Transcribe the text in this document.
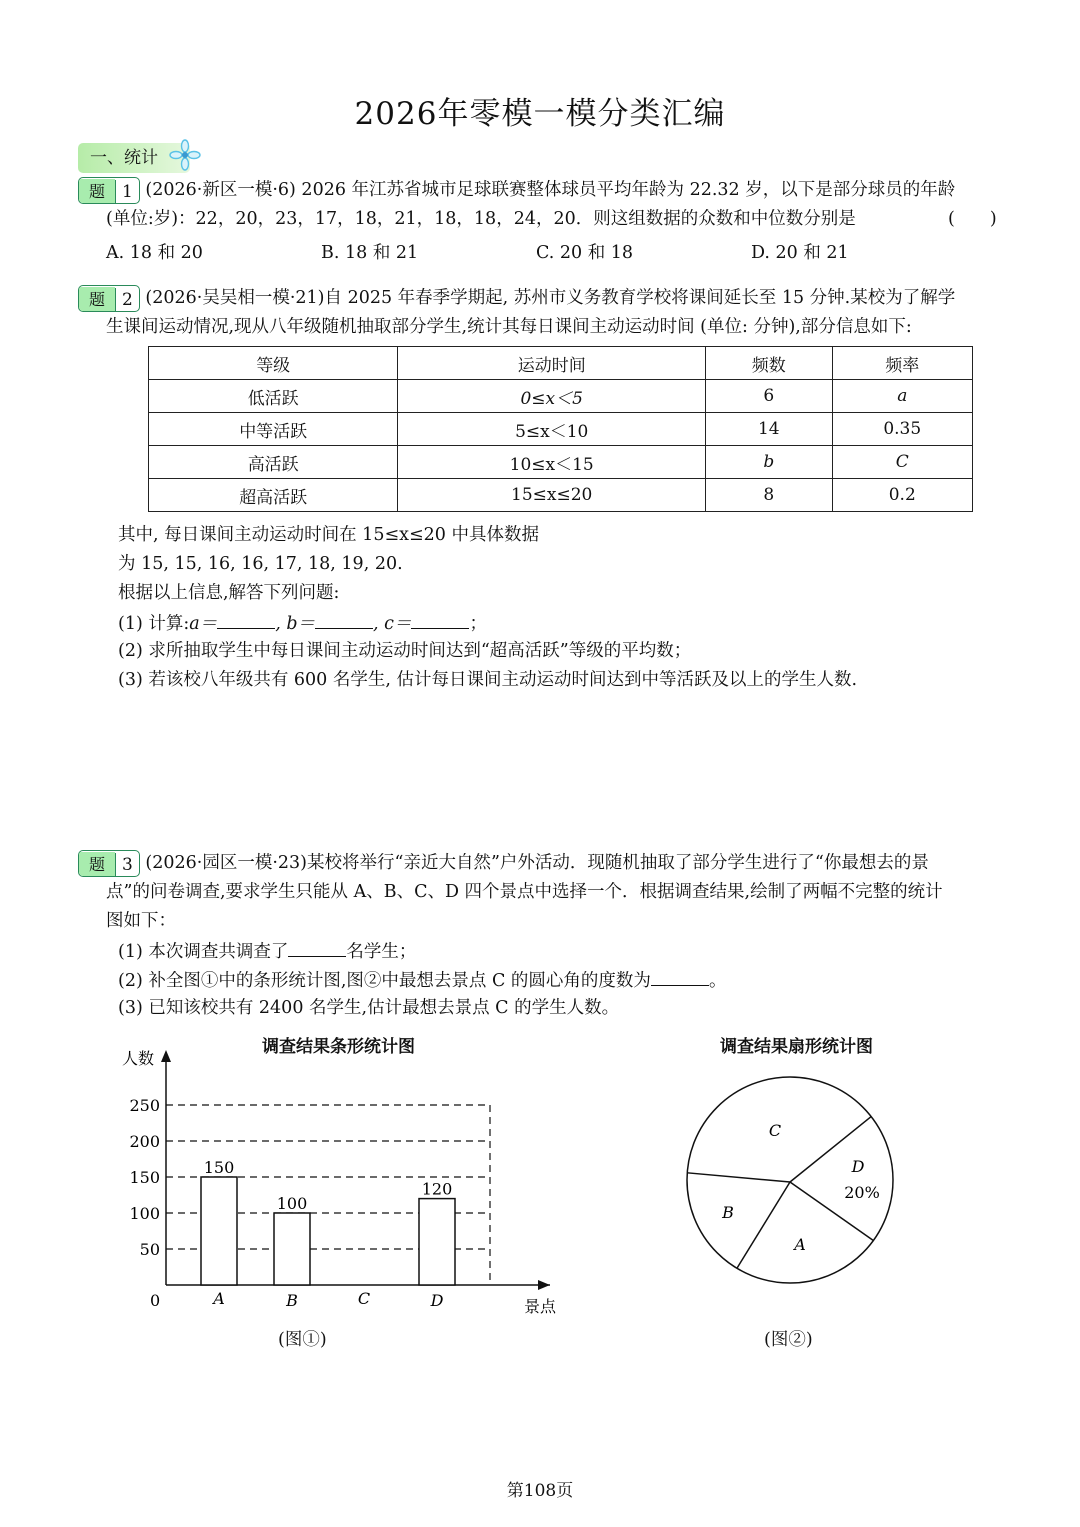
2026年零模一模分类汇编
一、统计
题 1 (2026·新区一模·6) 2026 年江苏省城市足球联赛整体球员平均年龄为 22.32 岁，以下是部分球员的年龄
(单位:岁)：22，20，23，17，18，21，18，18，24，20．则这组数据的众数和中位数分别是	(　　)
A. 18 和 20	B. 18 和 21	C. 20 和 18	D. 20 和 21
题 2 (2026·吴吴相一模·21)自 2025 年春季学期起, 苏州市义务教育学校将课间延长至 15 分钟.某校为了解学
生课间运动情况,现从八年级随机抽取部分学生,统计其每日课间主动运动时间 (单位: 分钟),部分信息如下:
等级	运动时间	频数	频率
低活跃	0≤x＜5	6	a
中等活跃	5≤x＜10	14	0.35
高活跃	10≤x＜15	b	C
超高活跃	15≤x≤20	8	0.2
其中, 每日课间主动运动时间在 15≤x≤20 中具体数据
为 15, 15, 16, 16, 17, 18, 19, 20.
根据以上信息,解答下列问题:
(1) 计算:a＝	, b＝	, c＝	；
(2) 求所抽取学生中每日课间主动运动时间达到“超高活跃”等级的平均数；
(3) 若该校八年级共有 600 名学生, 估计每日课间主动运动时间达到中等活跃及以上的学生人数.
题 3 (2026·园区一模·23)某校将举行“亲近大自然”户外活动．现随机抽取了部分学生进行了“你最想去的景
点”的问卷调查,要求学生只能从 A、B、C、D 四个景点中选择一个．根据调查结果,绘制了两幅不完整的统计
图如下：
(1) 本次调查共调查了	名学生；
(2) 补全图①中的条形统计图,图②中最想去景点 C 的圆心角的度数为	。
(3) 已知该校共有 2400 名学生,估计最想去景点 C 的学生人数。
调查结果条形统计图
人数
景点
0
50
100
150
200
250
150
A
100
B	C
120
D
(图①)
调查结果扇形统计图
C
D
20%
A
B
(图②)
第108页
